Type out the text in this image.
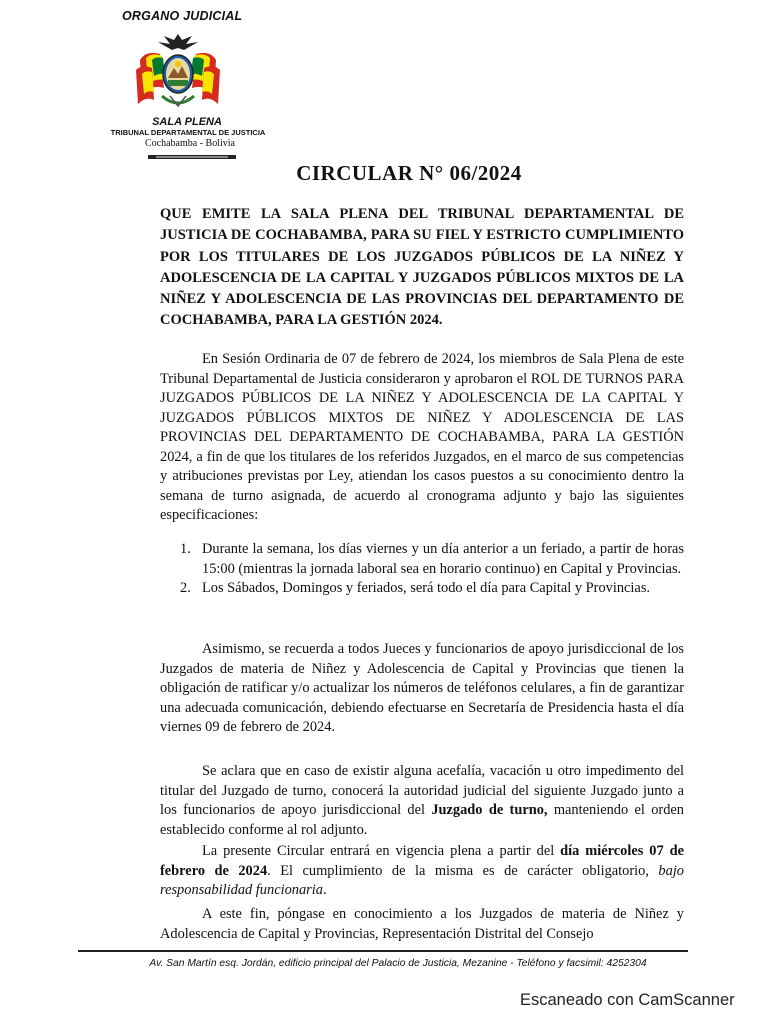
ORGANO JUDICIAL
SALA PLENA
TRIBUNAL DEPARTAMENTAL DE JUSTICIA
Cochabamba - Bolivia
CIRCULAR N° 06/2024
QUE EMITE LA SALA PLENA DEL TRIBUNAL DEPARTAMENTAL DE JUSTICIA DE COCHABAMBA, PARA SU FIEL Y ESTRICTO CUMPLIMIENTO POR LOS TITULARES DE LOS JUZGADOS PÚBLICOS DE LA NIÑEZ Y ADOLESCENCIA DE LA CAPITAL Y JUZGADOS PÚBLICOS MIXTOS DE LA NIÑEZ Y ADOLESCENCIA DE LAS PROVINCIAS DEL DEPARTAMENTO DE COCHABAMBA, PARA LA GESTIÓN 2024.
En Sesión Ordinaria de 07 de febrero de 2024, los miembros de Sala Plena de este Tribunal Departamental de Justicia consideraron y aprobaron el ROL DE TURNOS PARA JUZGADOS PÚBLICOS DE LA NIÑEZ Y ADOLESCENCIA DE LA CAPITAL Y JUZGADOS PÚBLICOS MIXTOS DE NIÑEZ Y ADOLESCENCIA DE LAS PROVINCIAS DEL DEPARTAMENTO DE COCHABAMBA, PARA LA GESTIÓN 2024, a fin de que los titulares de los referidos Juzgados, en el marco de sus competencias y atribuciones previstas por Ley, atiendan los casos puestos a su conocimiento dentro la semana de turno asignada, de acuerdo al cronograma adjunto y bajo las siguientes especificaciones:
1. Durante la semana, los días viernes y un día anterior a un feriado, a partir de horas 15:00 (mientras la jornada laboral sea en horario continuo) en Capital y Provincias.
2. Los Sábados, Domingos y feriados, será todo el día para Capital y Provincias.
Asimismo, se recuerda a todos Jueces y funcionarios de apoyo jurisdiccional de los Juzgados de materia de Niñez y Adolescencia de Capital y Provincias que tienen la obligación de ratificar y/o actualizar los números de teléfonos celulares, a fin de garantizar una adecuada comunicación, debiendo efectuarse en Secretaría de Presidencia hasta el día viernes 09 de febrero de 2024.
Se aclara que en caso de existir alguna acefalía, vacación u otro impedimento del titular del Juzgado de turno, conocerá la autoridad judicial del siguiente Juzgado junto a los funcionarios de apoyo jurisdiccional del Juzgado de turno, manteniendo el orden establecido conforme al rol adjunto.
La presente Circular entrará en vigencia plena a partir del día miércoles 07 de febrero de 2024. El cumplimiento de la misma es de carácter obligatorio, bajo responsabilidad funcionaria.
A este fin, póngase en conocimiento a los Juzgados de materia de Niñez y Adolescencia de Capital y Provincias, Representación Distrital del Consejo
Av. San Martín esq. Jordán, edificio principal del Palacio de Justicia, Mezanine - Teléfono y facsimil: 4252304
Escaneado con CamScanner
